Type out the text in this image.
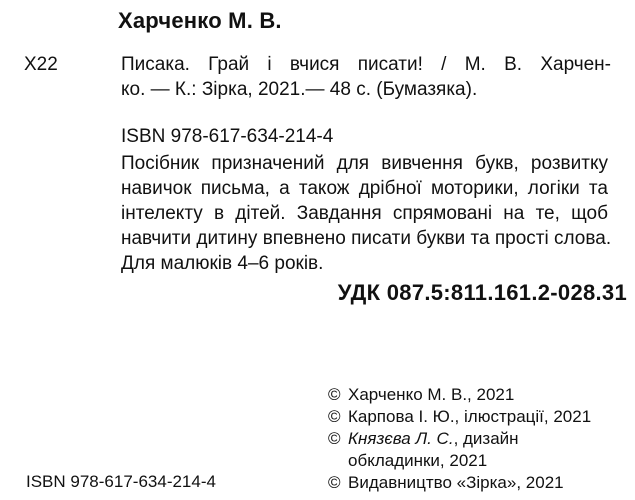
Харченко М. В.
Х22	Писака. Грай і вчися писати! / М. В. Харчен-
ко. — К.: Зірка, 2021.— 48 с. (Бумазяка).
ISBN 978-617-634-214-4
Посібник призначений для вивчення букв, розвитку
навичок письма, а також дрібної моторики, логіки та
інтелекту в дітей. Завдання спрямовані на те, щоб
навчити дитину впевнено писати букви та прості слова.
Для малюків 4–6 років.
УДК 087.5:811.161.2-028.31
© Харченко М. В., 2021
© Карпова І. Ю., ілюстрації, 2021
© Князєва Л. С., дизайн
обкладинки, 2021
© Видавництво «Зірка», 2021
ISBN 978-617-634-214-4
